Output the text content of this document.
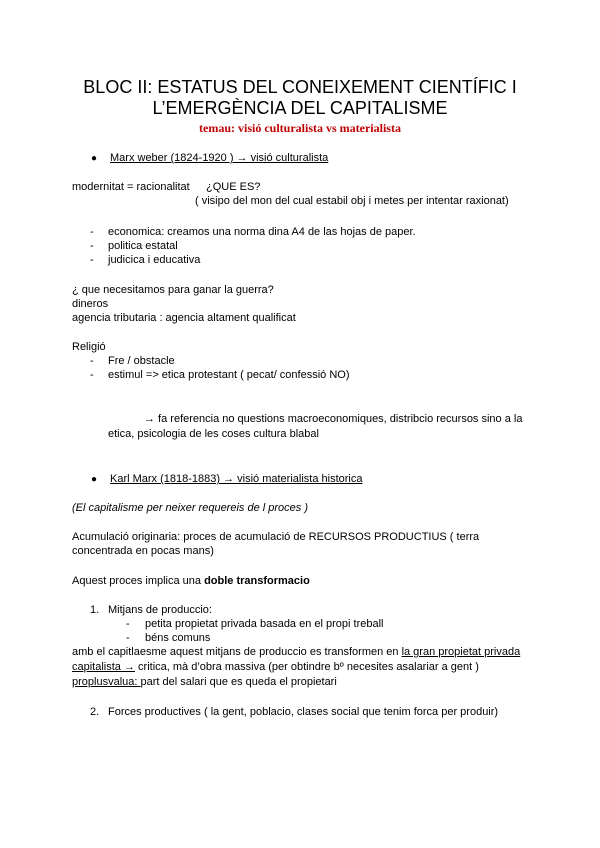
BLOC II: ESTATUS DEL CONEIXEMENT CIENTÍFIC I
L’EMERGÈNCIA DEL CAPITALISME
temau: visió culturalista vs materialista
● Marx weber (1824-1920 ) → visió culturalista
modernitat = racionalitat ¿QUE ES?
( visipo del mon del cual estabil obj i metes per intentar raxionat)
-	economica: creamos una norma dina A4 de las hojas de paper.
-	politica estatal
-	judicica i educativa
¿ que necesitamos para ganar la guerra?
dineros
agencia tributaria : agencia altament qualificat
Religió
-	Fre / obstacle
-	estimul => etica protestant ( pecat/ confessió NO)
→ fa referencia no questions macroeconomiques, distribcio recursos sino a la
etica, psicologia de les coses cultura blabal
● Karl Marx (1818-1883) → visió materialista historica
(El capitalisme per neixer requereis de l proces )
Acumulació originaria: proces de acumulació de RECURSOS PRODUCTIUS ( terra
concentrada en pocas mans)
Aquest proces implica una doble transformacio
1. Mitjans de produccio:
-	petita propietat privada basada en el propi treball
-	béns comuns
amb el capitlaesme aquest mitjans de produccio es transformen en la gran propietat privada
capitalista → critica, mà d’obra massiva (per obtindre bº necesites asalariar a gent )
proplusvalua: part del salari que es queda el propietari
2. Forces productives ( la gent, poblacio, clases social que tenim forca per produir)
